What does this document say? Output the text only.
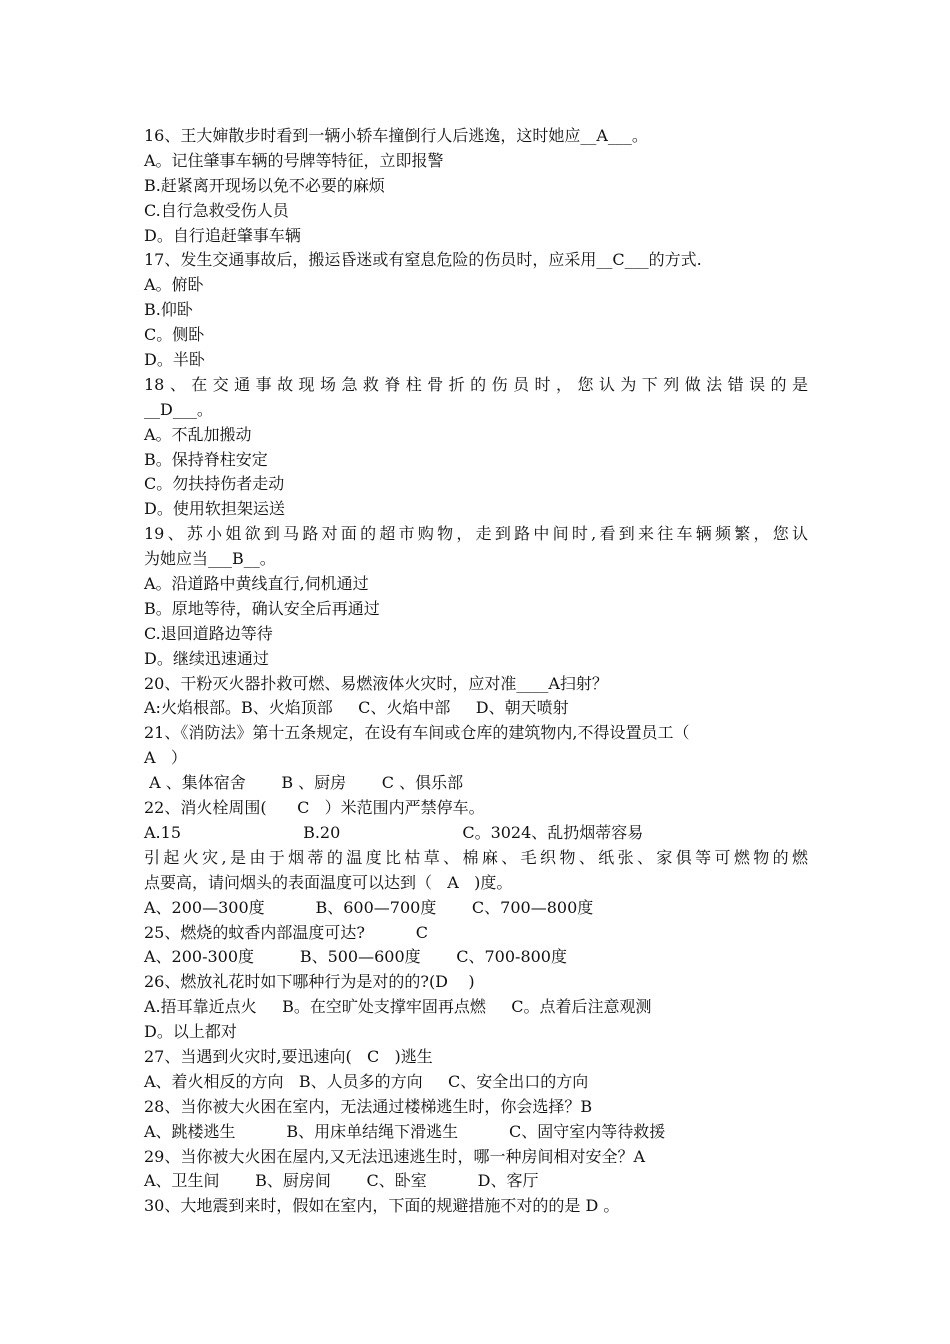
16、王大婶散步时看到一辆小轿车撞倒行人后逃逸，这时她应__A___。
A。记住肇事车辆的号牌等特征，立即报警
B.赶紧离开现场以免不必要的麻烦
C.自行急救受伤人员
D。自行追赶肇事车辆
17、发生交通事故后，搬运昏迷或有窒息危险的伤员时，应采用__C___的方式.
A。俯卧
B.仰卧
C。侧卧
D。半卧
18、在交通事故现场急救脊柱骨折的伤员时，您认为下列做法错误的是
__D___。
A。不乱加搬动
B。保持脊柱安定
C。勿扶持伤者走动
D。使用软担架运送
19、苏小姐欲到马路对面的超市购物，走到路中间时,看到来往车辆频繁，您认
为她应当___B__。
A。沿道路中黄线直行,伺机通过
B。原地等待，确认安全后再通过
C.退回道路边等待
D。继续迅速通过
20、干粉灭火器扑救可燃、易燃液体火灾时，应对准____A扫射？
A:火焰根部。B、火焰顶部     C、火焰中部     D、朝天喷射
21、《消防法》第十五条规定，在设有车间或仓库的建筑物内,不得设置员工（
A   ）
A 、集体宿舍       B 、厨房       C 、俱乐部
22、消火栓周围(      C   ）米范围内严禁停车。
A.15                        B.20                        C。3024、乱扔烟蒂容易
引起火灾,是由于烟蒂的温度比枯草、棉麻、毛织物、纸张、家俱等可燃物的燃
点要高，请问烟头的表面温度可以达到（   A   )度。
A、200—300度          B、600—700度       C、700—800度
25、燃烧的蚊香内部温度可达?          C
A、200-300度         B、500—600度       C、700-800度
26、燃放礼花时如下哪种行为是对的的?(D    )
A.捂耳靠近点火     B。在空旷处支撑牢固再点燃     C。点着后注意观测
D。以上都对
27、当遇到火灾时,要迅速向(   C   )逃生
A、着火相反的方向   B、人员多的方向     C、安全出口的方向
28、当你被大火困在室内，无法通过楼梯逃生时，你会选择？B
A、跳楼逃生          B、用床单结绳下滑逃生          C、固守室内等待救援
29、当你被大火困在屋内,又无法迅速逃生时，哪一种房间相对安全？A
A、卫生间       B、厨房间       C、卧室          D、客厅
30、大地震到来时，假如在室内，下面的规避措施不对的的是 D 。
